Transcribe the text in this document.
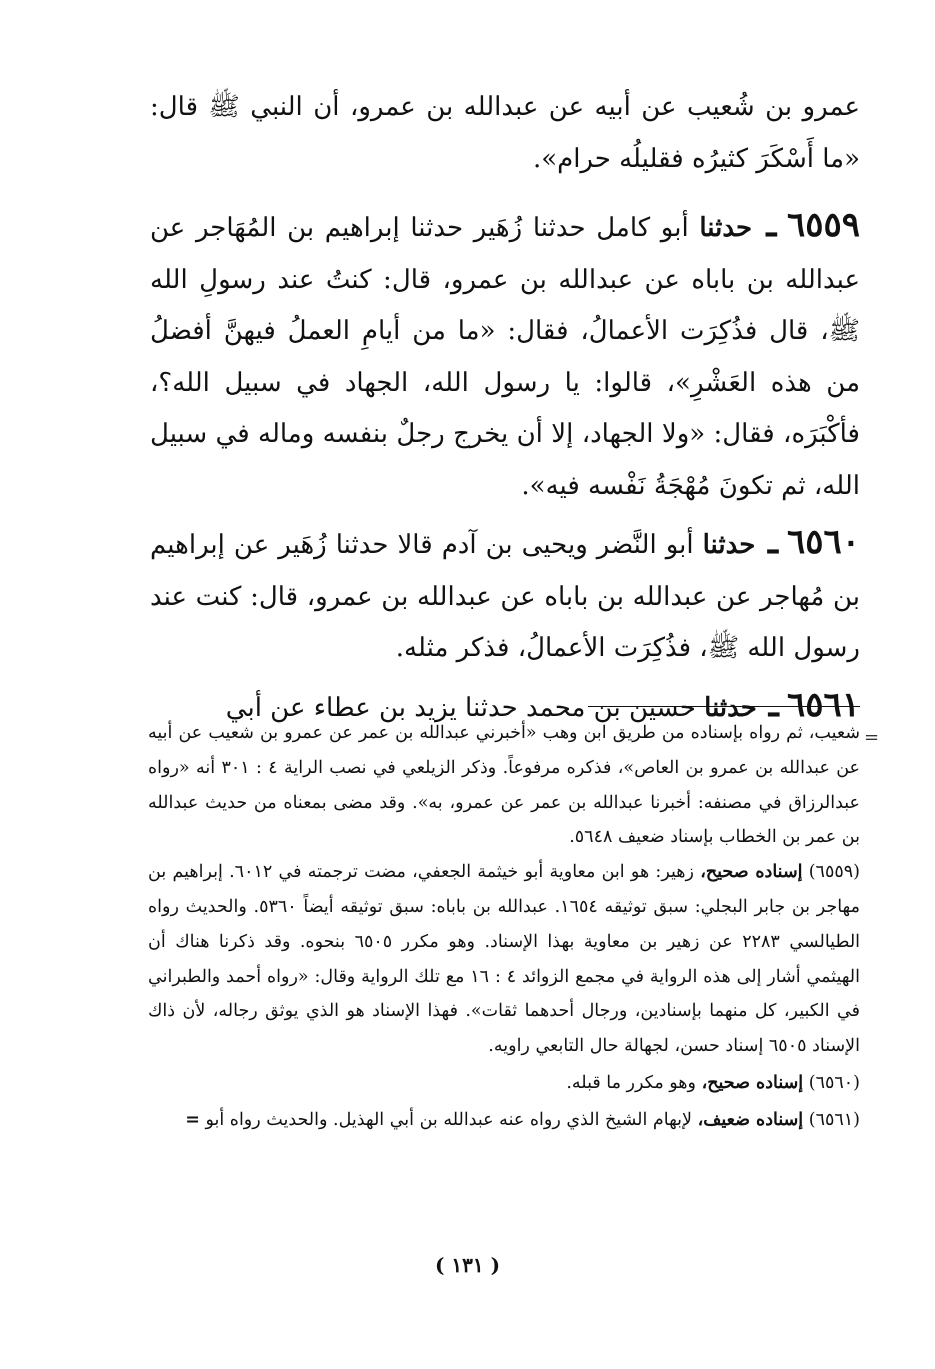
عمرو بن شُعيب عن أبيه عن عبدالله بن عمرو، أن النبي ﷺ قال: «ما أَسْكَرَ كثيرُه فقليلُه حرام».

٦٥٥٩ ـ حدثنا أبو كامل حدثنا زُهَير حدثنا إبراهيم بن المُهَاجر عن عبدالله بن باباه عن عبدالله بن عمرو، قال: كنتُ عند رسولِ الله ﷺ، قال فذُكِرَت الأعمالُ، فقال: «ما من أيامِ العملُ فيهنَّ أفضلُ من هذه العَشْرِ»، قالوا: يا رسول الله، الجهاد في سبيل الله؟، فأكْبَرَه، فقال: «ولا الجهاد، إلا أن يخرج رجلٌ بنفسه وماله في سبيل الله، ثم تكونَ مُهْجَةُ نَفْسه فيه».

٦٥٦٠ ـ حدثنا أبو النَّضر ويحيى بن آدم قالا حدثنا زُهَير عن إبراهيم بن مُهاجر عن عبدالله بن باباه عن عبدالله بن عمرو، قال: كنت عند رسول الله ﷺ، فذُكِرَت الأعمالُ، فذكر مثله.

٦٥٦١ ـ حدثنا حسين بن محمد حدثنا يزيد بن عطاء عن أبي

=

شعيب، ثم رواه بإسناده من طريق ابن وهب «أخبرني عبدالله بن عمر عن عمرو بن شعيب عن أبيه عن عبدالله بن عمرو بن العاص»، فذكره مرفوعاً. وذكر الزيلعي في نصب الراية ٤ : ٣٠١ أنه «رواه عبدالرزاق في مصنفه: أخبرنا عبدالله بن عمر عن عمرو، به». وقد مضى بمعناه من حديث عبدالله بن عمر بن الخطاب بإسناد ضعيف ٥٦٤٨.

(٦٥٥٩) إسناده صحيح، زهير: هو ابن معاوية أبو خيثمة الجعفي، مضت ترجمته في ٦٠١٢. إبراهيم بن مهاجر بن جابر البجلي: سبق توثيقه ١٦٥٤. عبدالله بن باباه: سبق توثيقه أيضاً ٥٣٦٠. والحديث رواه الطيالسي ٢٢٨٣ عن زهير بن معاوية بهذا الإسناد. وهو مكرر ٦٥٠٥ بنحوه. وقد ذكرنا هناك أن الهيثمي أشار إلى هذه الرواية في مجمع الزوائد ٤ : ١٦ مع تلك الرواية وقال: «رواه أحمد والطبراني في الكبير، كل منهما بإسنادين، ورجال أحدهما ثقات». فهذا الإسناد هو الذي يوثق رجاله، لأن ذاك الإسناد ٦٥٠٥ إسناد حسن، لجهالة حال التابعي راويه.

(٦٥٦٠) إسناده صحيح، وهو مكرر ما قبله.

(٦٥٦١) إسناده ضعيف، لإبهام الشيخ الذي رواه عنه عبدالله بن أبي الهذيل. والحديث رواه أبو =

( ١٣١ )
